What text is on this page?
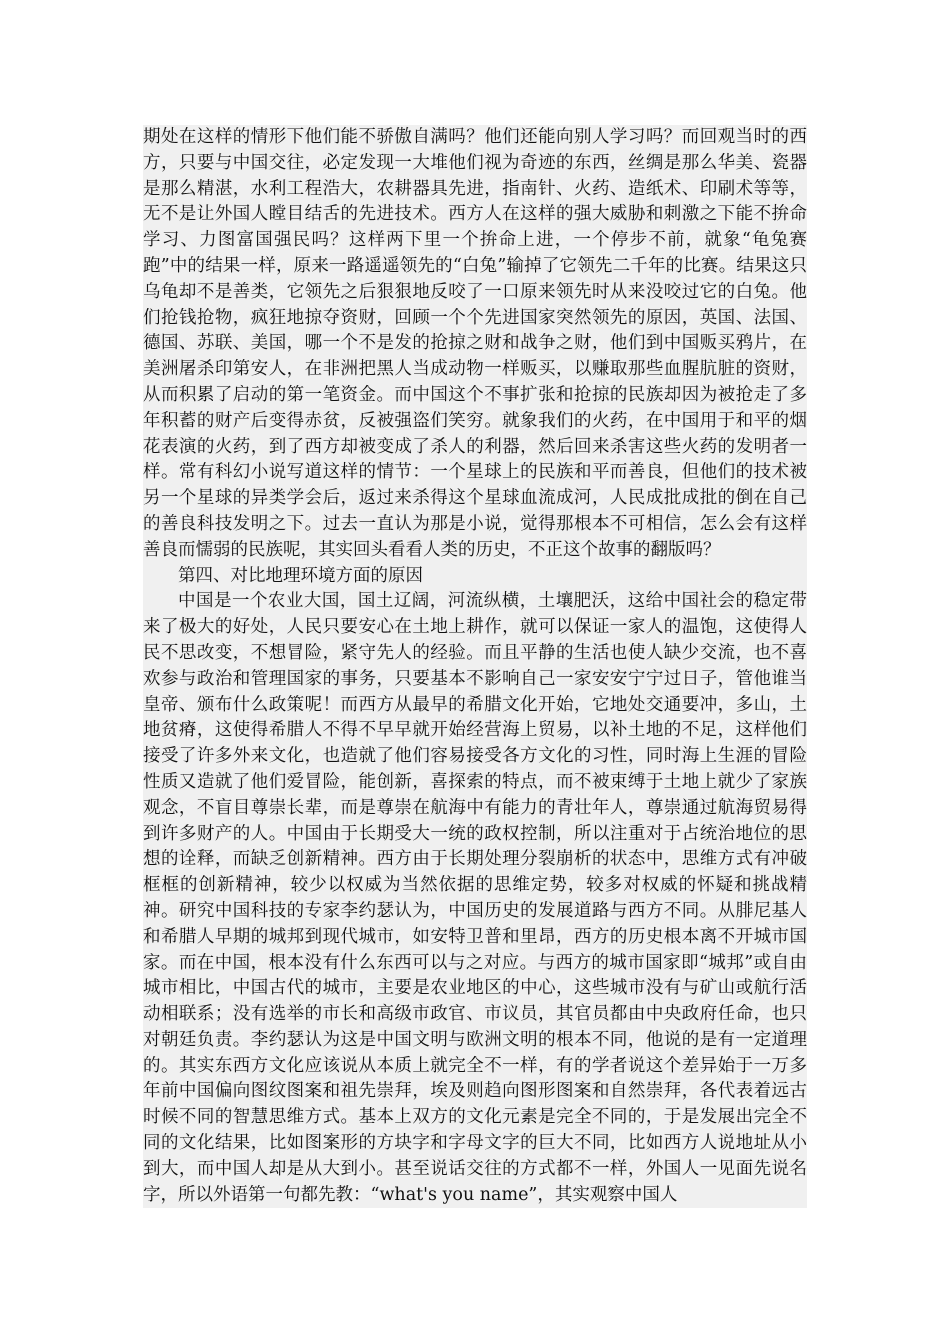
期处在这样的情形下他们能不骄傲自满吗？他们还能向别人学习吗？而回观当时的西方，只要与中国交往，必定发现一大堆他们视为奇迹的东西，丝绸是那么华美、瓷器是那么精湛，水利工程浩大，农耕器具先进，指南针、火药、造纸术、印刷术等等，无不是让外国人瞠目结舌的先进技术。西方人在这样的强大威胁和刺激之下能不拚命学习、力图富国强民吗？这样两下里一个拚命上进，一个停步不前，就象“龟兔赛跑”中的结果一样，原来一路遥遥领先的“白兔”输掉了它领先二千年的比赛。结果这只乌龟却不是善类，它领先之后狠狠地反咬了一口原来领先时从来没咬过它的白兔。他们抢钱抢物，疯狂地掠夺资财，回顾一个个先进国家突然领先的原因，英国、法国、德国、苏联、美国，哪一个不是发的抢掠之财和战争之财，他们到中国贩买鸦片，在美洲屠杀印第安人，在非洲把黑人当成动物一样贩买，以赚取那些血腥肮脏的资财，从而积累了启动的第一笔资金。而中国这个不事扩张和抢掠的民族却因为被抢走了多年积蓄的财产后变得赤贫，反被强盗们笑穷。就象我们的火药，在中国用于和平的烟花表演的火药，到了西方却被变成了杀人的利器，然后回来杀害这些火药的发明者一样。常有科幻小说写道这样的情节：一个星球上的民族和平而善良，但他们的技术被另一个星球的异类学会后，返过来杀得这个星球血流成河，人民成批成批的倒在自己的善良科技发明之下。过去一直认为那是小说，觉得那根本不可相信，怎么会有这样善良而懦弱的民族呢，其实回头看看人类的历史，不正这个故事的翻版吗？

第四、对比地理环境方面的原因

中国是一个农业大国，国土辽阔，河流纵横，土壤肥沃，这给中国社会的稳定带来了极大的好处，人民只要安心在土地上耕作，就可以保证一家人的温饱，这使得人民不思改变，不想冒险，紧守先人的经验。而且平静的生活也使人缺少交流，也不喜欢参与政治和管理国家的事务，只要基本不影响自己一家安安宁宁过日子，管他谁当皇帝、颁布什么政策呢！而西方从最早的希腊文化开始，它地处交通要冲，多山，土地贫瘠，这使得希腊人不得不早早就开始经营海上贸易，以补土地的不足，这样他们接受了许多外来文化，也造就了他们容易接受各方文化的习性，同时海上生涯的冒险性质又造就了他们爱冒险，能创新，喜探索的特点，而不被束缚于土地上就少了家族观念，不盲目尊崇长辈，而是尊崇在航海中有能力的青壮年人，尊崇通过航海贸易得到许多财产的人。中国由于长期受大一统的政权控制，所以注重对于占统治地位的思想的诠释，而缺乏创新精神。西方由于长期处理分裂崩析的状态中，思维方式有冲破框框的创新精神，较少以权威为当然依据的思维定势，较多对权威的怀疑和挑战精神。研究中国科技的专家李约瑟认为，中国历史的发展道路与西方不同。从腓尼基人和希腊人早期的城邦到现代城市，如安特卫普和里昂，西方的历史根本离不开城市国家。而在中国，根本没有什么东西可以与之对应。与西方的城市国家即“城邦”或自由城市相比，中国古代的城市，主要是农业地区的中心，这些城市没有与矿山或航行活动相联系；没有选举的市长和高级市政官、市议员，其官员都由中央政府任命，也只对朝廷负责。李约瑟认为这是中国文明与欧洲文明的根本不同，他说的是有一定道理的。其实东西方文化应该说从本质上就完全不一样，有的学者说这个差异始于一万多年前中国偏向图纹图案和祖先崇拜，埃及则趋向图形图案和自然崇拜，各代表着远古时候不同的智慧思维方式。基本上双方的文化元素是完全不同的，于是发展出完全不同的文化结果，比如图案形的方块字和字母文字的巨大不同，比如西方人说地址从小到大，而中国人却是从大到小。甚至说话交往的方式都不一样，外国人一见面先说名字，所以外语第一句都先教：“what's you name”，其实观察中国人
